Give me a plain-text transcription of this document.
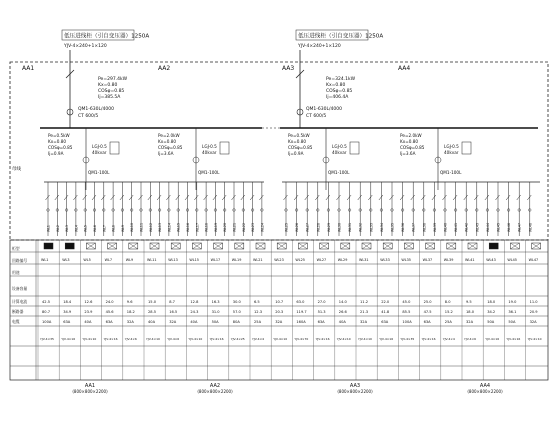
低压进线柜（引自变压器）1250A
YJV-4×240+1×120
AA1
Pe=297.4kW
Kx=0.80
COSφ=0.85
Ij=385.5A
QM1-630L/4000
CT 600/5
低压进线柜（引自变压器）1250A
YJV-4×240+1×120
AA3
Pe=324.1kW
Kx=0.80
COSφ=0.85
Ij=406.4A
QM1-630L/4000
CT 600/5
AA2	AA4
母线
Pe=0.5kW
Kx=0.80
COSφ=0.85
Ij=0.9A
LGJ-0.5
40kvar
QM1-100L
Pe=2.0kW
Kx=0.80
COSφ=0.85
Ij=3.6A
LGJ-0.5
40kvar
QM1-100L
Pe=0.5kW
Kx=0.80
COSφ=0.85
Ij=0.9A
LGJ-0.5
40kvar
QM1-100L
Pe=2.0kW
Kx=0.80
COSφ=0.85
Ij=3.6A
LGJ-0.5
40kvar
QM1-100L
WL1 WL2 WL3 WL4 WL5 WL6 WL7 WL8 WL9 WL10 WL11 WL12 WL13 WL14 WL15 WL16 WL17 WL18 WL19 WL20 WL21 WL22 WL23 WL24	WL25 WL26 WL27 WL28 WL29 WL30 WL31 WL32 WL33 WL34 WL35 WL36 WL37 WL38 WL39 WL40 WL41 WL42 WL43 WL44 WL45 WL46 WL47 WL48
柜型
回路编号
用途
设备容量
计算电流
断路器
电缆
WL1
42.5
80.7
100A
YJV-4×35
WL3
18.4
34.9
63A
YJV-4×16
WL5
12.6
23.9
40A
YJV-4×10
WL7
24.0
45.6
63A
YJV-4×16
WL9
9.6
18.2
32A
YJV-4×6
WL11
15.0
28.5
40A
YJV-4×10
WL13
8.7
16.5
32A
YJV-4×6
WL15
12.8
24.3
40A
YJV-4×10
WL17
16.3
31.0
50A
YJV-4×16
WL19
30.0
57.0
80A
YJV-4×25
WL21
6.5
12.3
25A
YJV-4×4
WL23
10.7
20.3
32A
YJV-4×10
WL25
63.0
119.7
160A
YJV-4×70
WL27
27.0
51.3
63A
YJV-4×16
WL29
14.0
26.6
40A
YJV-4×10
WL31
11.2
21.3
32A
YJV-4×10
WL33
22.0
41.8
63A
YJV-4×16
WL35
45.0
85.5
100A
YJV-4×35
WL37
25.0
47.5
63A
YJV-4×16
WL39
8.0
15.2
25A
YJV-4×4
WL41
9.5
18.0
32A
YJV-4×6
WL43
18.0
34.2
50A
YJV-4×16
WL45
19.0
36.1
50A
YJV-4×16
WL47
11.0
20.9
32A
YJV-4×10
AA1
(800×800×2200)
AA2
(800×800×2200)
AA3
(800×800×2200)
AA4
(800×800×2200)
